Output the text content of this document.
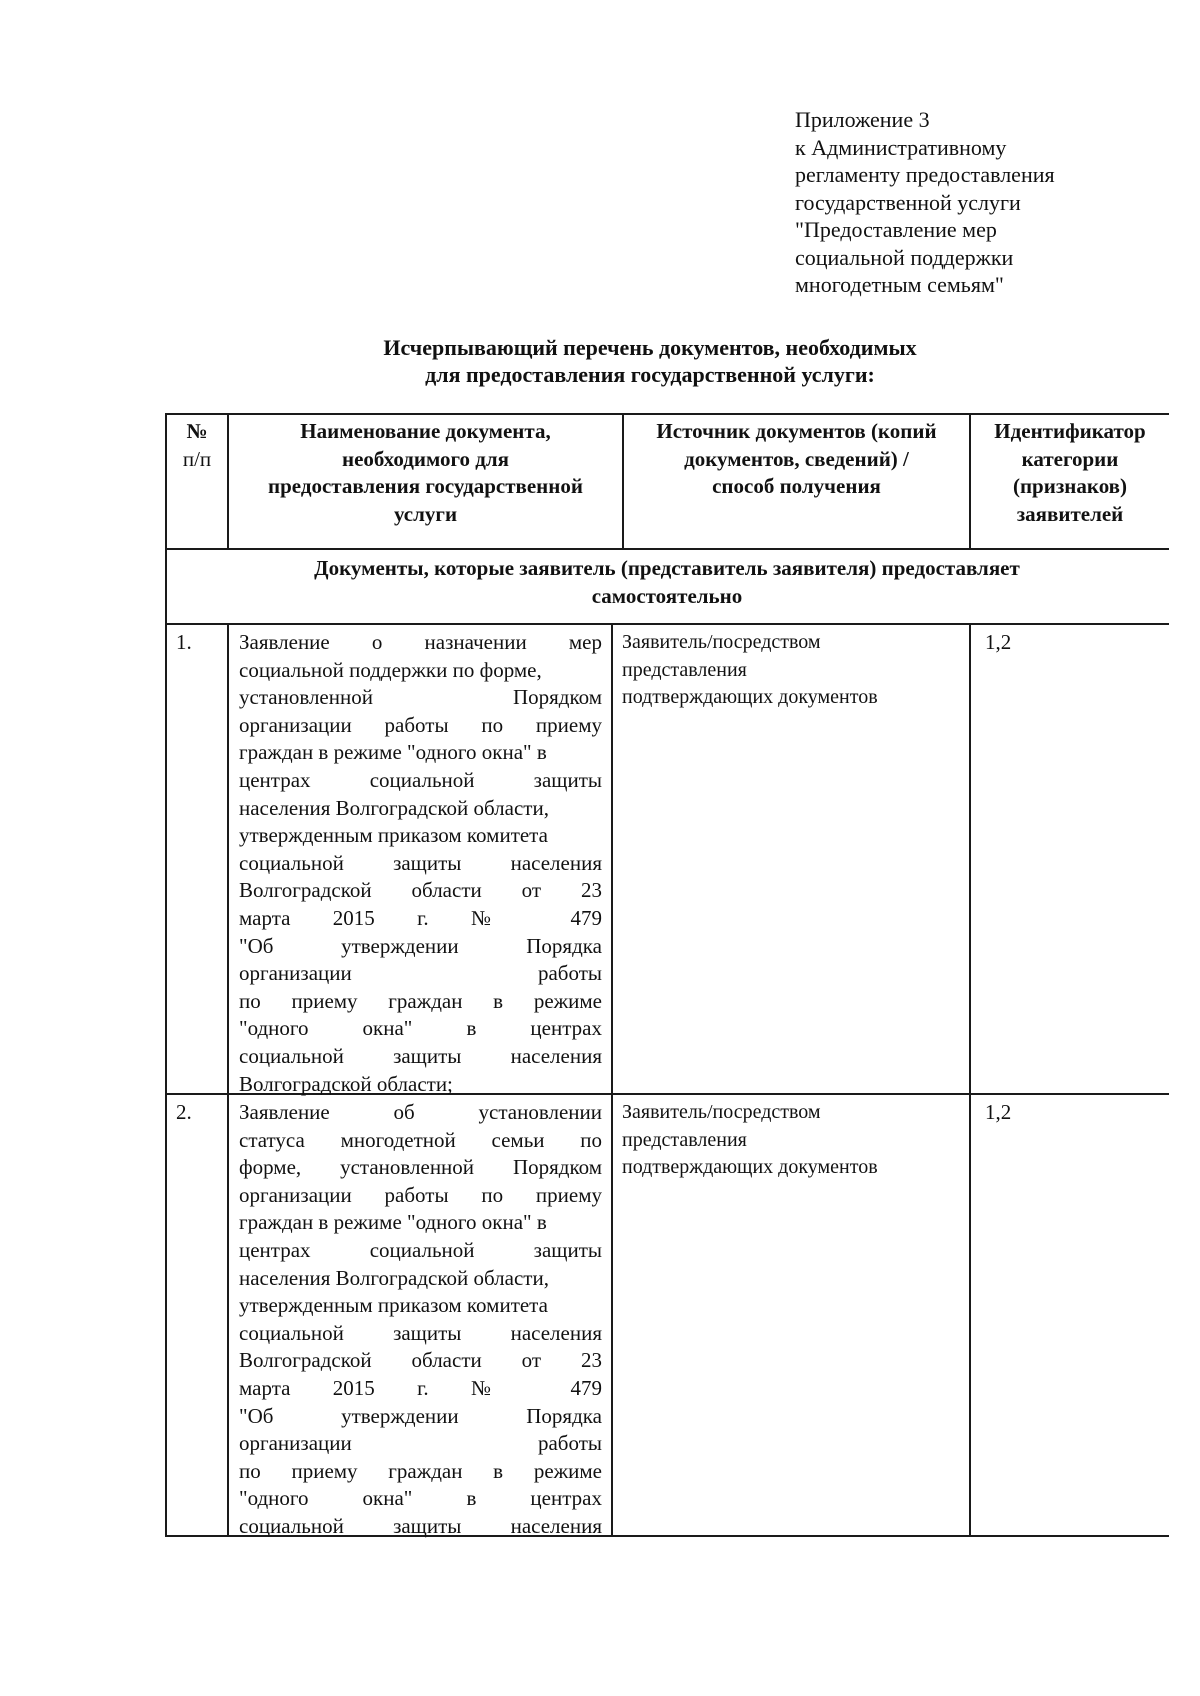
Приложение 3
к Административному
регламенту предоставления
государственной услуги
"Предоставление мер
социальной поддержки
многодетным семьям"
Исчерпывающий перечень документов, необходимых
для предоставления государственной услуги:
№
п/п
Наименование документа,
необходимого для
предоставления государственной
услуги
Источник документов (копий
документов, сведений) /
способ получения
Идентификатор
категории
(признаков)
заявителей
Документы, которые заявитель (представитель заявителя) предоставляет
самостоятельно
1. Заявление о назначении мер
социальной поддержки по форме,
установленной Порядком
организации работы по приему
граждан в режиме "одного окна" в
центрах социальной защиты
населения Волгоградской области,
утвержденным приказом комитета
социальной защиты населения
Волгоградской области от 23
марта 2015 г. № 479
"Об утверждении Порядка
организации работы
по приему граждан в режиме
"одного окна" в центрах
социальной защиты населения
Волгоградской области;
Заявитель/посредством
представления
подтверждающих документов
1,2
2. Заявление об установлении
статуса многодетной семьи по
форме, установленной Порядком
организации работы по приему
граждан в режиме "одного окна" в
центрах социальной защиты
населения Волгоградской области,
утвержденным приказом комитета
социальной защиты населения
Волгоградской области от 23
марта 2015 г. № 479
"Об утверждении Порядка
организации работы
по приему граждан в режиме
"одного окна" в центрах
социальной защиты населения
Заявитель/посредством
представления
подтверждающих документов
1,2
